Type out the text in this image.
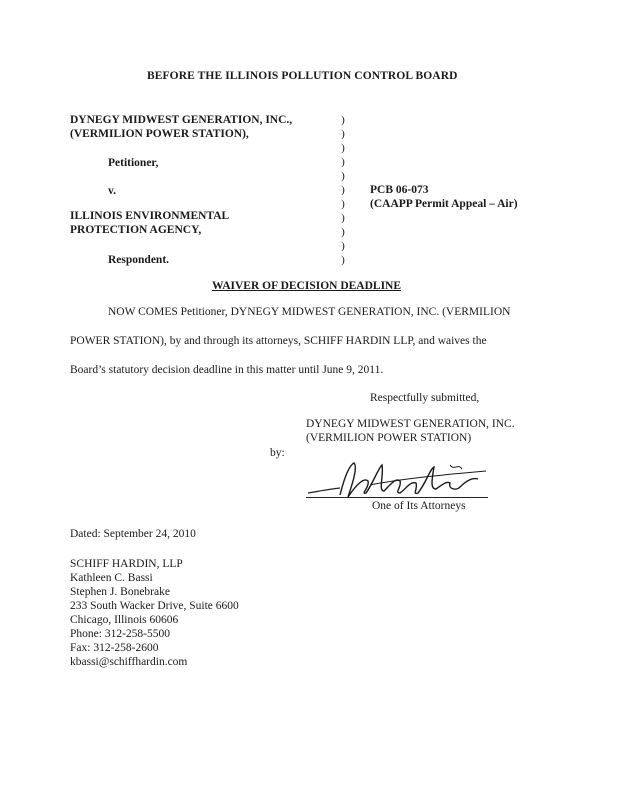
BEFORE THE ILLINOIS POLLUTION CONTROL BOARD
DYNEGY MIDWEST GENERATION, INC.,
(VERMILION POWER STATION),
Petitioner,
v.
ILLINOIS ENVIRONMENTAL
PROTECTION AGENCY,
Respondent.
)
)
)
)
)
)
)
)
)
)
)
PCB 06-073
(CAAPP Permit Appeal – Air)
WAIVER OF DECISION DEADLINE
NOW COMES Petitioner, DYNEGY MIDWEST GENERATION, INC. (VERMILION
POWER STATION), by and through its attorneys, SCHIFF HARDIN LLP, and waives the
Board’s statutory decision deadline in this matter until June 9, 2011.
Respectfully submitted,
DYNEGY MIDWEST GENERATION, INC.
(VERMILION POWER STATION)
by:
One of Its Attorneys
Dated: September 24, 2010
SCHIFF HARDIN, LLP
Kathleen C. Bassi
Stephen J. Bonebrake
233 South Wacker Drive, Suite 6600
Chicago, Illinois 60606
Phone: 312-258-5500
Fax: 312-258-2600
kbassi@schiffhardin.com
